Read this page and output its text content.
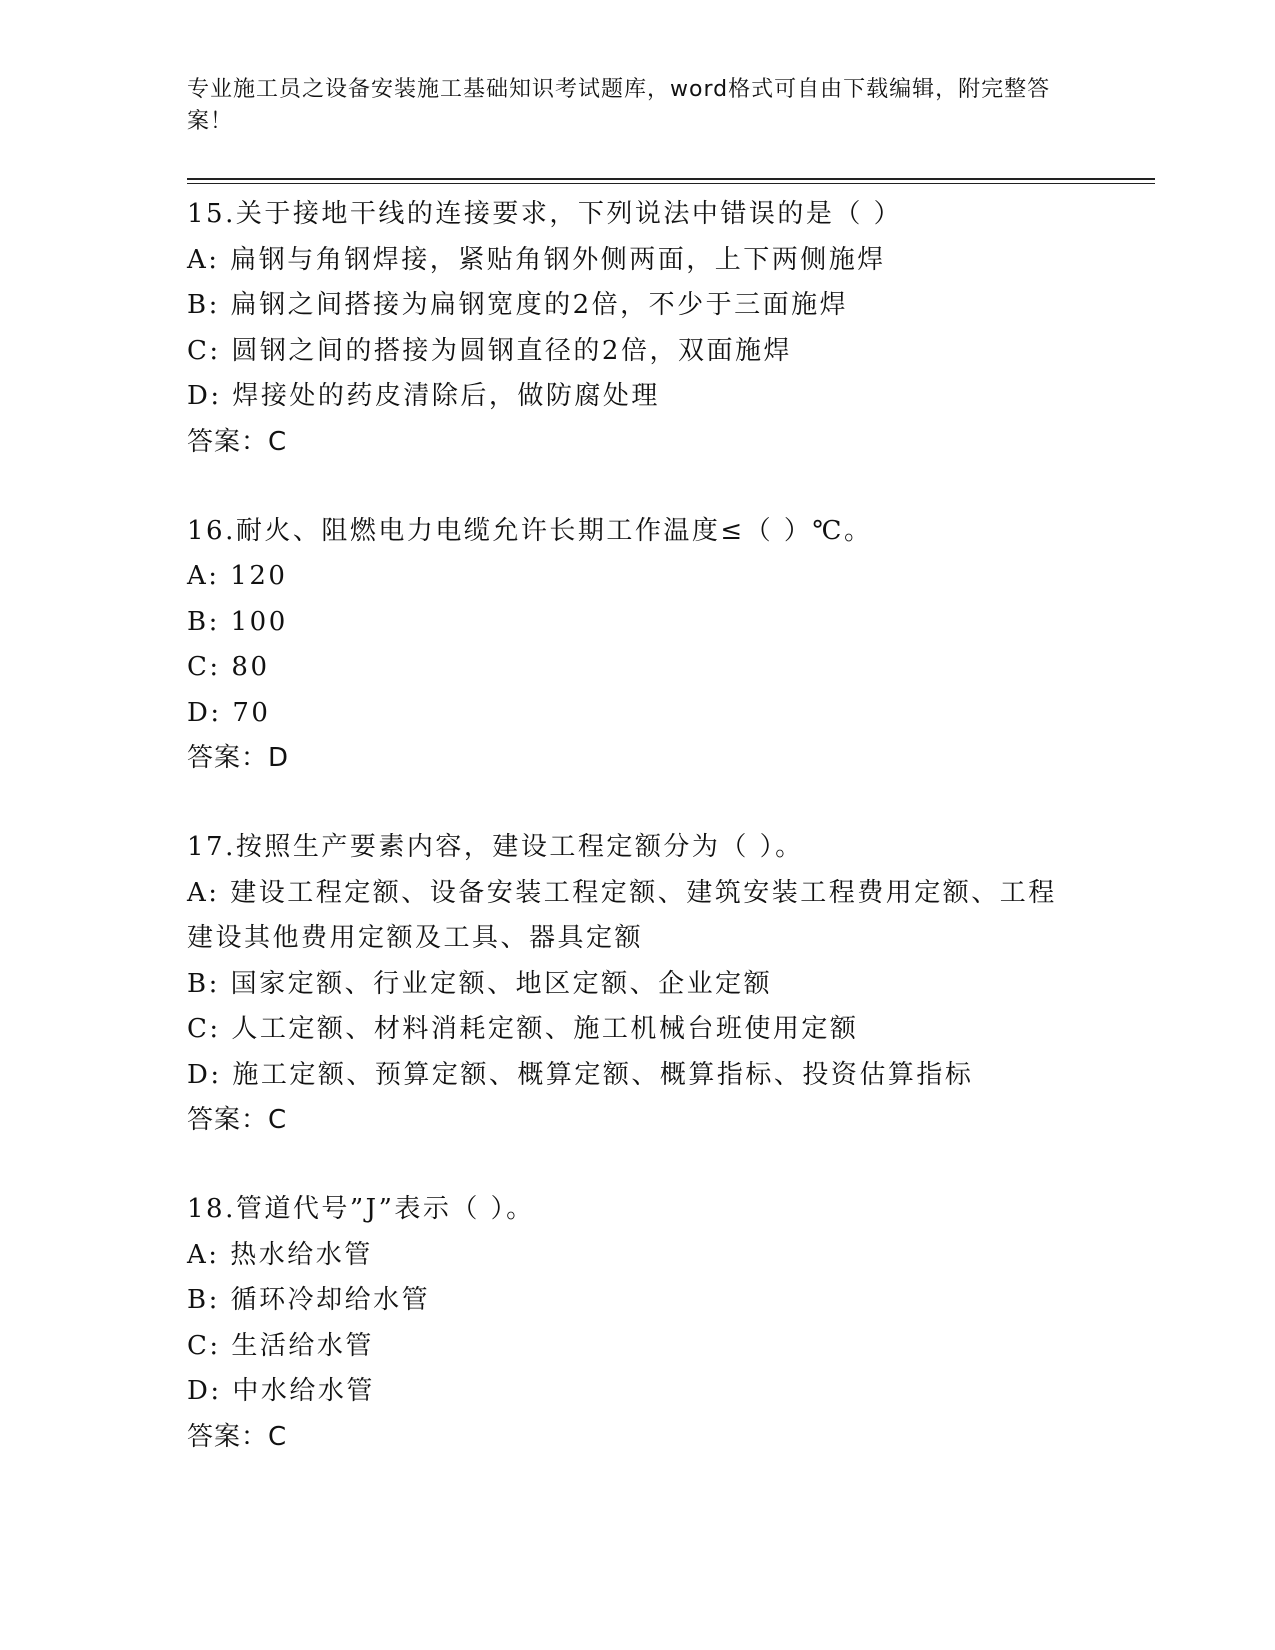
专业施工员之设备安装施工基础知识考试题库，word格式可自由下载编辑，附完整答案！
15.关于接地干线的连接要求，下列说法中错误的是（ ）
A: 扁钢与角钢焊接，紧贴角钢外侧两面，上下两侧施焊
B: 扁钢之间搭接为扁钢宽度的2倍，不少于三面施焊
C: 圆钢之间的搭接为圆钢直径的2倍，双面施焊
D: 焊接处的药皮清除后，做防腐处理
答案：C
16.耐火、阻燃电力电缆允许长期工作温度≤（ ）℃。
A: 120
B: 100
C: 80
D: 70
答案：D
17.按照生产要素内容，建设工程定额分为（ ）。
A: 建设工程定额、设备安装工程定额、建筑安装工程费用定额、工程建设其他费用定额及工具、器具定额
B: 国家定额、行业定额、地区定额、企业定额
C: 人工定额、材料消耗定额、施工机械台班使用定额
D: 施工定额、预算定额、概算定额、概算指标、投资估算指标
答案：C
18.管道代号”J”表示（ ）。
A: 热水给水管
B: 循环冷却给水管
C: 生活给水管
D: 中水给水管
答案：C
